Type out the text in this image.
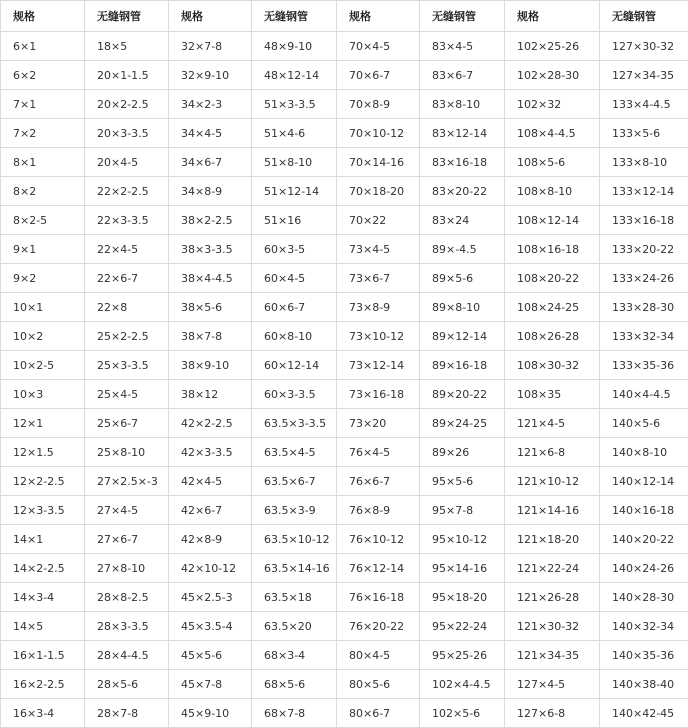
规格	无缝钢管	规格	无缝钢管	规格	无缝钢管	规格	无缝钢管
6×1	18×5	32×7-8	48×9-10	70×4-5	83×4-5	102×25-26	127×30-32
6×2	20×1-1.5	32×9-10	48×12-14	70×6-7	83×6-7	102×28-30	127×34-35
7×1	20×2-2.5	34×2-3	51×3-3.5	70×8-9	83×8-10	102×32	133×4-4.5
7×2	20×3-3.5	34×4-5	51×4-6	70×10-12	83×12-14	108×4-4.5	133×5-6
8×1	20×4-5	34×6-7	51×8-10	70×14-16	83×16-18	108×5-6	133×8-10
8×2	22×2-2.5	34×8-9	51×12-14	70×18-20	83×20-22	108×8-10	133×12-14
8×2-5	22×3-3.5	38×2-2.5	51×16	70×22	83×24	108×12-14	133×16-18
9×1	22×4-5	38×3-3.5	60×3-5	73×4-5	89×-4.5	108×16-18	133×20-22
9×2	22×6-7	38×4-4.5	60×4-5	73×6-7	89×5-6	108×20-22	133×24-26
10×1	22×8	38×5-6	60×6-7	73×8-9	89×8-10	108×24-25	133×28-30
10×2	25×2-2.5	38×7-8	60×8-10	73×10-12	89×12-14	108×26-28	133×32-34
10×2-5	25×3-3.5	38×9-10	60×12-14	73×12-14	89×16-18	108×30-32	133×35-36
10×3	25×4-5	38×12	60×3-3.5	73×16-18	89×20-22	108×35	140×4-4.5
12×1	25×6-7	42×2-2.5	63.5×3-3.5	73×20	89×24-25	121×4-5	140×5-6
12×1.5	25×8-10	42×3-3.5	63.5×4-5	76×4-5	89×26	121×6-8	140×8-10
12×2-2.5	27×2.5×-3	42×4-5	63.5×6-7	76×6-7	95×5-6	121×10-12	140×12-14
12×3-3.5	27×4-5	42×6-7	63.5×3-9	76×8-9	95×7-8	121×14-16	140×16-18
14×1	27×6-7	42×8-9	63.5×10-12	76×10-12	95×10-12	121×18-20	140×20-22
14×2-2.5	27×8-10	42×10-12	63.5×14-16	76×12-14	95×14-16	121×22-24	140×24-26
14×3-4	28×8-2.5	45×2.5-3	63.5×18	76×16-18	95×18-20	121×26-28	140×28-30
14×5	28×3-3.5	45×3.5-4	63.5×20	76×20-22	95×22-24	121×30-32	140×32-34
16×1-1.5	28×4-4.5	45×5-6	68×3-4	80×4-5	95×25-26	121×34-35	140×35-36
16×2-2.5	28×5-6	45×7-8	68×5-6	80×5-6	102×4-4.5	127×4-5	140×38-40
16×3-4	28×7-8	45×9-10	68×7-8	80×6-7	102×5-6	127×6-8	140×42-45
